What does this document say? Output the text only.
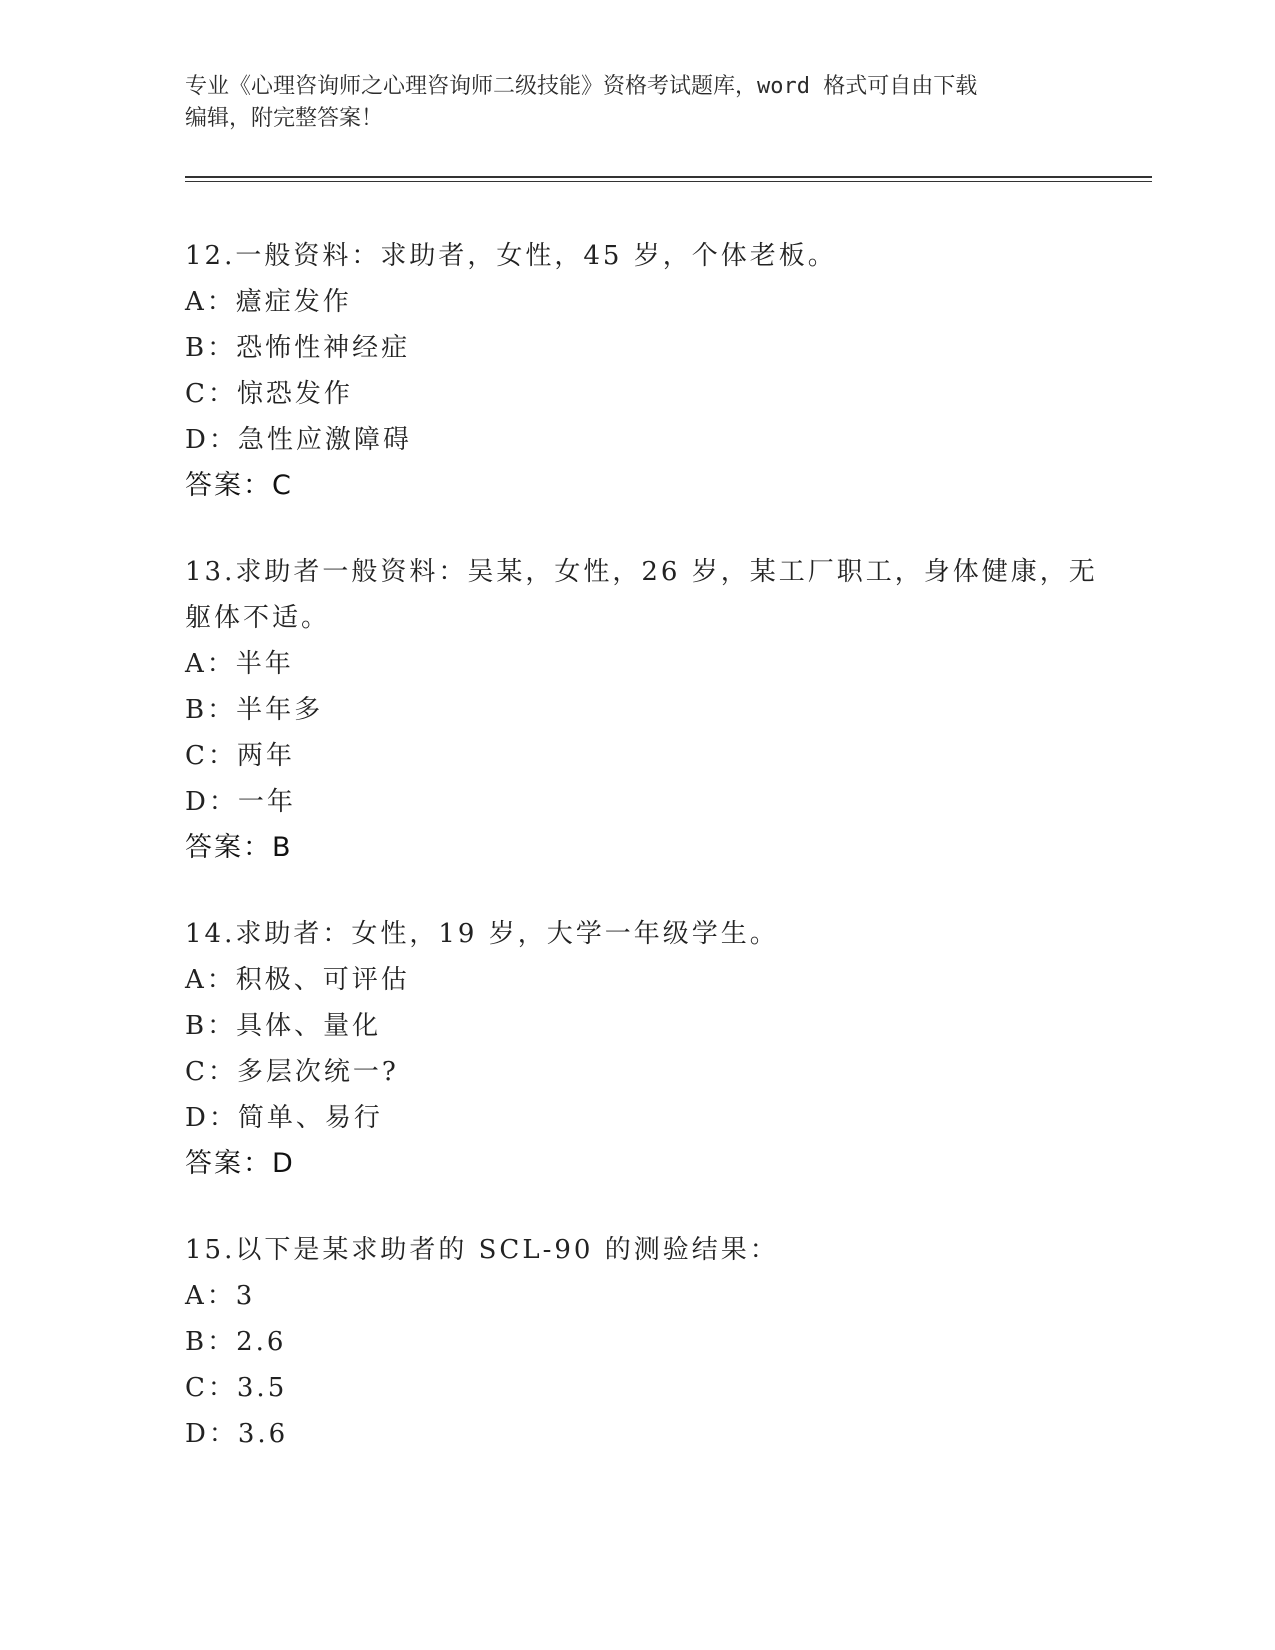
专业《心理咨询师之心理咨询师二级技能》资格考试题库，word 格式可自由下载
编辑，附完整答案！
12.一般资料：求助者，女性，45 岁，个体老板。
A：癔症发作
B：恐怖性神经症
C：惊恐发作
D：急性应激障碍
答案：C
13.求助者一般资料：吴某，女性，26 岁，某工厂职工，身体健康，无躯体不适。
A：半年
B：半年多
C：两年
D：一年
答案：B
14.求助者：女性，19 岁，大学一年级学生。
A：积极、可评估
B：具体、量化
C：多层次统一?
D：简单、易行
答案：D
15.以下是某求助者的 SCL-90 的测验结果：
A：3
B：2.6
C：3.5
D：3.6
